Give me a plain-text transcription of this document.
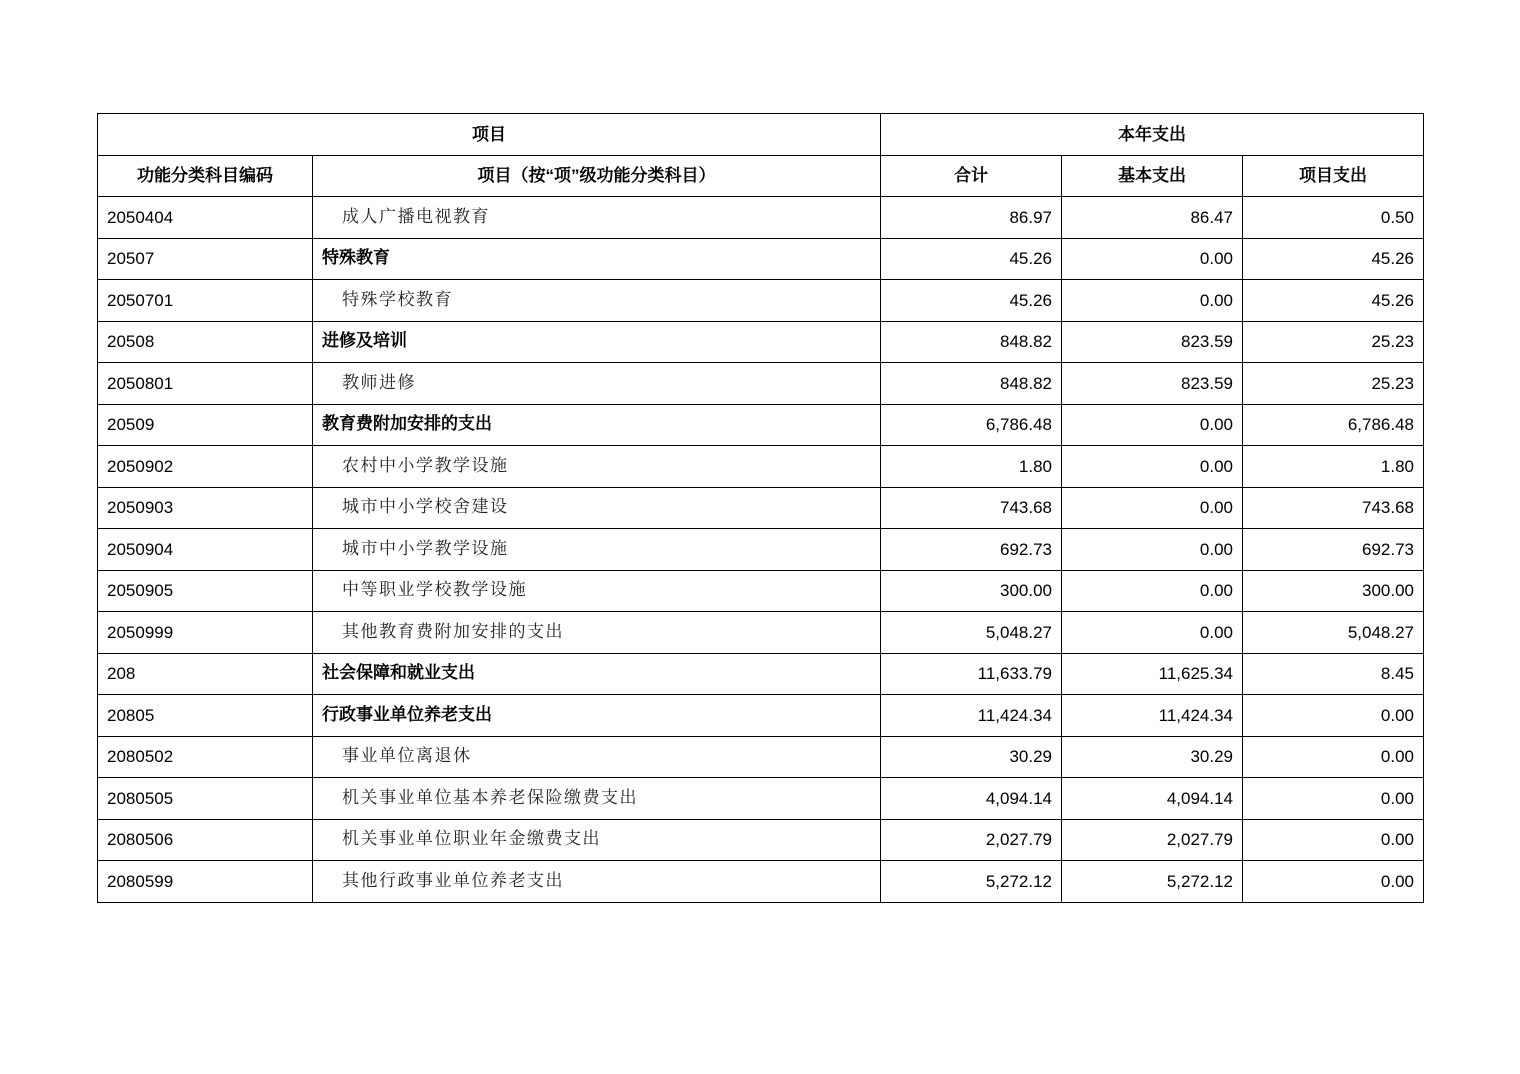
项目		本年支出		
功能分类科目编码	项目（按“项”级功能分类科目）	合计	基本支出	项目支出
2050404	成人广播电视教育	86.97	86.47	0.50
20507	特殊教育	45.26	0.00	45.26
2050701	特殊学校教育	45.26	0.00	45.26
20508	进修及培训	848.82	823.59	25.23
2050801	教师进修	848.82	823.59	25.23
20509	教育费附加安排的支出	6,786.48	0.00	6,786.48
2050902	农村中小学教学设施	1.80	0.00	1.80
2050903	城市中小学校舍建设	743.68	0.00	743.68
2050904	城市中小学教学设施	692.73	0.00	692.73
2050905	中等职业学校教学设施	300.00	0.00	300.00
2050999	其他教育费附加安排的支出	5,048.27	0.00	5,048.27
208	社会保障和就业支出	11,633.79	11,625.34	8.45
20805	行政事业单位养老支出	11,424.34	11,424.34	0.00
2080502	事业单位离退休	30.29	30.29	0.00
2080505	机关事业单位基本养老保险缴费支出	4,094.14	4,094.14	0.00
2080506	机关事业单位职业年金缴费支出	2,027.79	2,027.79	0.00
2080599	其他行政事业单位养老支出	5,272.12	5,272.12	0.00
